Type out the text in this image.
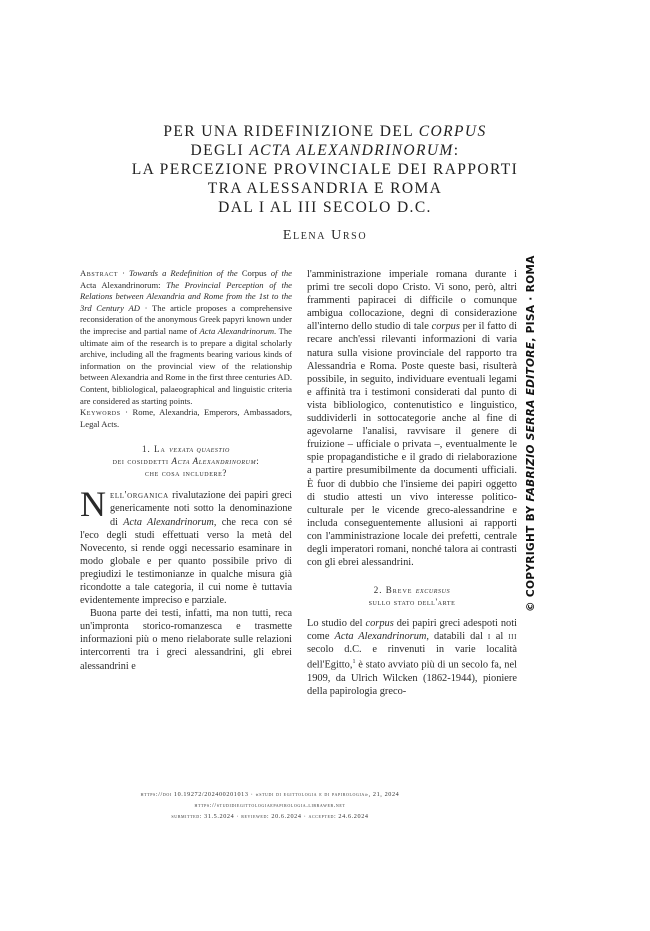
PER UNA RIDEFINIZIONE DEL CORPUS
DEGLI ACTA ALEXANDRINORUM:
LA PERCEZIONE PROVINCIALE DEI RAPPORTI
TRA ALESSANDRIA E ROMA
DAL I AL III SECOLO D.C.
Elena Urso

Abstract · Towards a Redefinition of the Corpus of the Acta Alexandrinorum: The Provincial Perception of the Relations between Alexandria and Rome from the 1st to the 3rd Century AD · The article proposes a comprehensive reconsideration of the anonymous Greek papyri known under the imprecise and partial name of Acta Alexandrinorum. The ultimate aim of the research is to prepare a digital scholarly archive, including all the fragments bearing various kinds of information on the provincial view of the relationship between Alexandria and Rome in the first three centuries AD. Content, bibliological, palaeographical and linguistic criteria are considered as starting points.

Keywords · Rome, Alexandria, Emperors, Ambassadors, Legal Acts.

1. La vexata quaestio
dei cosiddetti Acta Alexandrinorum:
che cosa includere?

Nell'organica rivalutazione dei papiri greci genericamente noti sotto la denominazione di Acta Alexandrinorum, che reca con sé l'eco degli studi effettuati verso la metà del Novecento, si rende oggi necessario esaminare in modo globale e per quanto possibile privo di pregiudizi le testimonianze in qualche misura già ricondotte a tale categoria, il cui nome è tuttavia evidentemente impreciso e parziale.

Buona parte dei testi, infatti, ma non tutti, reca un'impronta storico-romanzesca e trasmette informazioni più o meno rielaborate sulle relazioni intercorrenti tra i greci alessandrini, gli ebrei alessandrini e

l'amministrazione imperiale romana durante i primi tre secoli dopo Cristo. Vi sono, però, altri frammenti papiracei di difficile o comunque ambigua collocazione, degni di considerazione all'interno dello studio di tale corpus per il fatto di recare anch'essi rilevanti informazioni di varia natura sulla visione provinciale del rapporto tra Alessandria e Roma. Poste queste basi, risulterà possibile, in seguito, individuare eventuali legami e affinità tra i testimoni considerati dal punto di vista bibliologico, contenutistico e linguistico, suddividerli in sottocategorie anche al fine di agevolarne l'analisi, ravvisare il genere di fruizione – ufficiale o privata –, eventualmente le spie propagandistiche e il grado di rielaborazione a partire presumibilmente da documenti ufficiali. È fuor di dubbio che l'insieme dei papiri oggetto di studio attesti un vivo interesse politico-culturale per le vicende greco-alessandrine e includa conseguentemente allusioni ai rapporti con l'amministrazione locale dei prefetti, centrale degli imperatori romani, nonché talora ai contrasti con gli ebrei alessandrini.

2. Breve excursus
sullo stato dell'arte

Lo studio del corpus dei papiri greci adespoti noti come Acta Alexandrinorum, databili dal i al iii secolo d.C. e rinvenuti in varie località dell'Egitto,$^1$ è stato avviato più di un secolo fa, nel 1909, da Ulrich Wilcken (1862-1944), pioniere della papirologia greco-

https://doi 10.19272/202400201013 · «studi di egittologia e di papirologia», 21, 2024
https://studidiegittologiaepapirologia.libraweb.net
submitted: 31.5.2024 · reviewed: 20.6.2024 · accepted: 24.6.2024
© COPYRIGHT BY FABRIZIO SERRA EDITORE, PISA · ROMA
